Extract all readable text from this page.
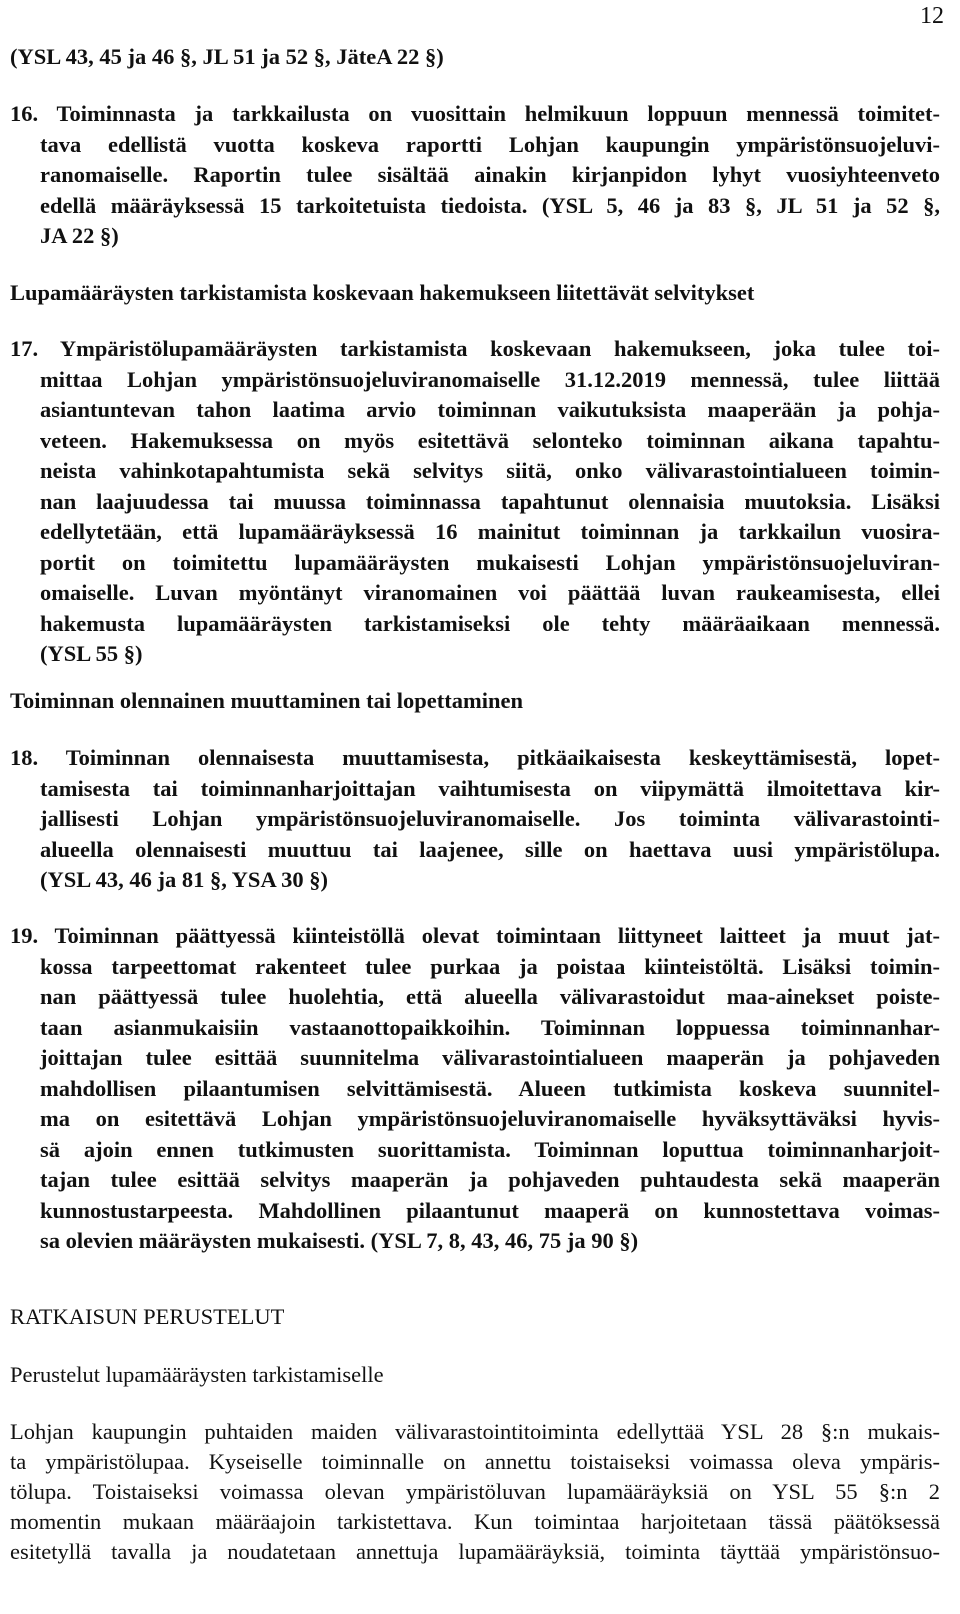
12
(YSL 43, 45 ja 46 §, JL 51 ja 52 §, JäteA 22 §)
16. Toiminnasta ja tarkkailusta on vuosittain helmikuun loppuun mennessä toimitet-
tava edellistä vuotta koskeva raportti Lohjan kaupungin ympäristönsuojeluvi-
ranomaiselle. Raportin tulee sisältää ainakin kirjanpidon lyhyt vuosiyhteenveto
edellä määräyksessä 15 tarkoitetuista tiedoista. (YSL 5, 46 ja 83 §, JL 51 ja 52 §,
JA 22 §)
Lupamääräysten tarkistamista koskevaan hakemukseen liitettävät selvitykset
17. Ympäristölupamääräysten tarkistamista koskevaan hakemukseen, joka tulee toi-
mittaa Lohjan ympäristönsuojeluviranomaiselle 31.12.2019 mennessä, tulee liittää
asiantuntevan tahon laatima arvio toiminnan vaikutuksista maaperään ja pohja-
veteen. Hakemuksessa on myös esitettävä selonteko toiminnan aikana tapahtu-
neista vahinkotapahtumista sekä selvitys siitä, onko välivarastointialueen toimin-
nan laajuudessa tai muussa toiminnassa tapahtunut olennaisia muutoksia. Lisäksi
edellytetään, että lupamääräyksessä 16 mainitut toiminnan ja tarkkailun vuosira-
portit on toimitettu lupamääräysten mukaisesti Lohjan ympäristönsuojeluviran-
omaiselle. Luvan myöntänyt viranomainen voi päättää luvan raukeamisesta, ellei
hakemusta lupamääräysten tarkistamiseksi ole tehty määräaikaan mennessä.
(YSL 55 §)
Toiminnan olennainen muuttaminen tai lopettaminen
18. Toiminnan olennaisesta muuttamisesta, pitkäaikaisesta keskeyttämisestä, lopet-
tamisesta tai toiminnanharjoittajan vaihtumisesta on viipymättä ilmoitettava kir-
jallisesti Lohjan ympäristönsuojeluviranomaiselle. Jos toiminta välivarastointi-
alueella olennaisesti muuttuu tai laajenee, sille on haettava uusi ympäristölupa.
(YSL 43, 46 ja 81 §, YSA 30 §)
19. Toiminnan päättyessä kiinteistöllä olevat toimintaan liittyneet laitteet ja muut jat-
kossa tarpeettomat rakenteet tulee purkaa ja poistaa kiinteistöltä. Lisäksi toimin-
nan päättyessä tulee huolehtia, että alueella välivarastoidut maa-ainekset poiste-
taan asianmukaisiin vastaanottopaikkoihin. Toiminnan loppuessa toiminnanhar-
joittajan tulee esittää suunnitelma välivarastointialueen maaperän ja pohjaveden
mahdollisen pilaantumisen selvittämisestä. Alueen tutkimista koskeva suunnitel-
ma on esitettävä Lohjan ympäristönsuojeluviranomaiselle hyväksyttäväksi hyvis-
sä ajoin ennen tutkimusten suorittamista. Toiminnan loputtua toiminnanharjoit-
tajan tulee esittää selvitys maaperän ja pohjaveden puhtaudesta sekä maaperän
kunnostustarpeesta. Mahdollinen pilaantunut maaperä on kunnostettava voimas-
sa olevien määräysten mukaisesti. (YSL 7, 8, 43, 46, 75 ja 90 §)
RATKAISUN PERUSTELUT
Perustelut lupamääräysten tarkistamiselle
Lohjan kaupungin puhtaiden maiden välivarastointitoiminta edellyttää YSL 28 §:n mukais-
ta ympäristölupaa. Kyseiselle toiminnalle on annettu toistaiseksi voimassa oleva ympäris-
tölupa. Toistaiseksi voimassa olevan ympäristöluvan lupamääräyksiä on YSL 55 §:n 2
momentin mukaan määräajoin tarkistettava. Kun toimintaa harjoitetaan tässä päätöksessä
esitetyllä tavalla ja noudatetaan annettuja lupamääräyksiä, toiminta täyttää ympäristönsuo-
